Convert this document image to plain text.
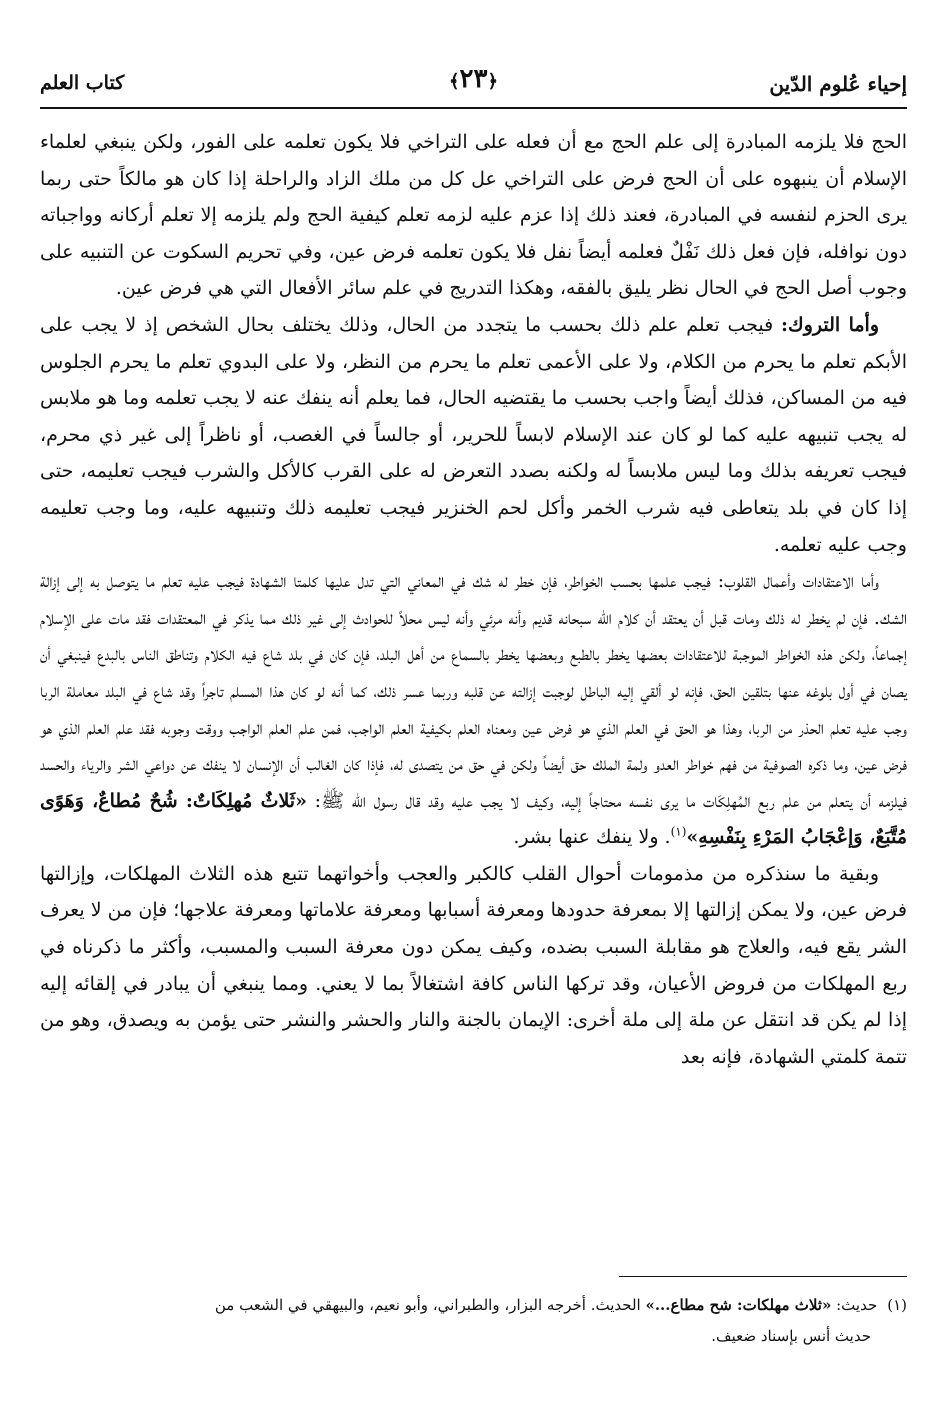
إحياء عُلوم الدّين
﴿٢٣﴾
كتاب العلم

الحج فلا يلزمه المبادرة إلى علم الحج مع أن فعله على التراخي فلا يكون تعلمه على الفور، ولكن ينبغي لعلماء الإسلام أن ينبهوه على أن الحج فرض على التراخي عل كل من ملك الزاد والراحلة إذا كان هو مالكاً حتى ربما يرى الحزم لنفسه في المبادرة، فعند ذلك إذا عزم عليه لزمه تعلم كيفية الحج ولم يلزمه إلا تعلم أركانه وواجباته دون نوافله، فإن فعل ذلك نَفْلٌ فعلمه أيضاً نفل فلا يكون تعلمه فرض عين، وفي تحريم السكوت عن التنبيه على وجوب أصل الحج في الحال نظر يليق بالفقه، وهكذا التدريج في علم سائر الأفعال التي هي فرض عين.

وأما التروك: فيجب تعلم علم ذلك بحسب ما يتجدد من الحال، وذلك يختلف بحال الشخص إذ لا يجب على الأبكم تعلم ما يحرم من الكلام، ولا على الأعمى تعلم ما يحرم من النظر، ولا على البدوي تعلم ما يحرم الجلوس فيه من المساكن، فذلك أيضاً واجب بحسب ما يقتضيه الحال، فما يعلم أنه ينفك عنه لا يجب تعلمه وما هو ملابس له يجب تنبيهه عليه كما لو كان عند الإسلام لابساً للحرير، أو جالساً في الغصب، أو ناظراً إلى غير ذي محرم، فيجب تعريفه بذلك وما ليس ملابساً له ولكنه بصدد التعرض له على القرب كالأكل والشرب فيجب تعليمه، حتى إذا كان في بلد يتعاطى فيه شرب الخمر وأكل لحم الخنزير فيجب تعليمه ذلك وتنبيهه عليه، وما وجب تعليمه وجب عليه تعلمه.

وأما الاعتقادات وأعمال القلوب: فيجب علمها بحسب الخواطر، فإن خطر له شك في المعاني التي تدل عليها كلمتا الشهادة فيجب عليه تعلم ما يتوصل به إلى إزالة الشك. فإن لم يخطر له ذلك ومات قبل أن يعتقد أن كلام الله سبحانه قديم وأنه مرئي وأنه ليس محلاً للحوادث إلى غير ذلك مما يذكر في المعتقدات فقد مات على الإسلام إجماعاً، ولكن هذه الخواطر الموجبة للاعتقادات بعضها يخطر بالطبع وبعضها يخطر بالسماع من أهل البلد، فإن كان في بلد شاع فيه الكلام وتناطق الناس بالبدع فينبغي أن يصان في أول بلوغه عنها بتلقين الحق، فإنه لو ألقي إليه الباطل لوجبت إزالته عن قلبه وربما عسر ذلك، كما أنه لو كان هذا المسلم تاجراً وقد شاع في البلد معاملة الربا وجب عليه تعلم الحذر من الربا، وهذا هو الحق في العلم الذي هو فرض عين ومعناه العلم بكيفية العلم الواجب، فمن علم العلم الواجب ووقت وجوبه فقد علم العلم الذي هو فرض عين، وما ذكره الصوفية من فهم خواطر العدو ولمة الملك حق أيضاً ولكن في حق من يتصدى له، فإذا كان الغالب أن الإنسان لا ينفك عن دواعي الشر والرياء والحسد فيلزمه أن يتعلم من علم ربع المُهلِكَات ما يرى نفسه محتاجاً إليه، وكيف لا يجب عليه وقد قال رسول الله ﷺ: «ثَلاثٌ مُهلِكَاتٌ: شُحٌ مُطاعٌ، وَهَوًى مُتَّبَعٌ، وَإعْجَابُ المَرْءِ بِنَفْسِهِ»$^{(١)}$. ولا ينفك عنها بشر.

وبقية ما سنذكره من مذمومات أحوال القلب كالكبر والعجب وأخواتهما تتبع هذه الثلاث المهلكات، وإزالتها فرض عين، ولا يمكن إزالتها إلا بمعرفة حدودها ومعرفة أسبابها ومعرفة علاماتها ومعرفة علاجها؛ فإن من لا يعرف الشر يقع فيه، والعلاج هو مقابلة السبب بضده، وكيف يمكن دون معرفة السبب والمسبب، وأكثر ما ذكرناه في ربع المهلكات من فروض الأعيان، وقد تركها الناس كافة اشتغالاً بما لا يعني. ومما ينبغي أن يبادر في إلقائه إليه إذا لم يكن قد انتقل عن ملة إلى ملة أخرى: الإيمان بالجنة والنار والحشر والنشر حتى يؤمن به ويصدق، وهو من تتمة كلمتي الشهادة، فإنه بعد

(١)حديث: «ثلاث مهلكات: شح مطاع...» الحديث. أخرجه البزار، والطبراني، وأبو نعيم، والبيهقي في الشعب من

حديث أنس بإسناد ضعيف.
